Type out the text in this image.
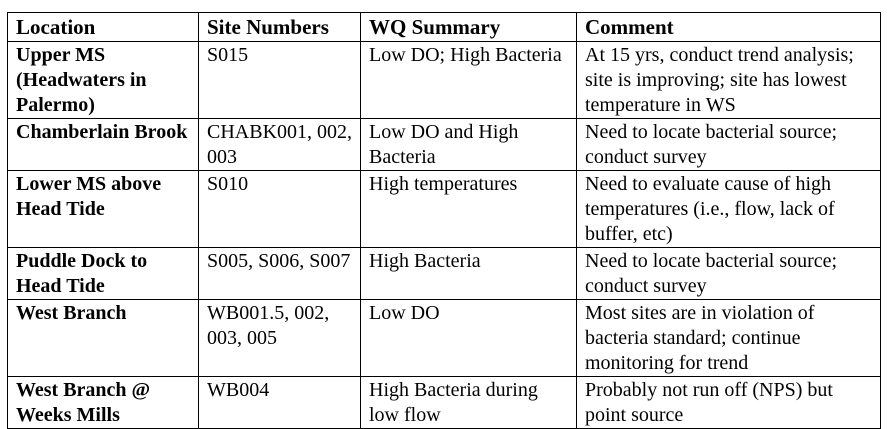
Location	Site Numbers	WQ Summary	Comment
Upper MS (Headwaters in Palermo)	S015	Low DO; High Bacteria	At 15 yrs, conduct trend analysis; site is improving; site has lowest temperature in WS
Chamberlain Brook	CHABK001, 002, 003	Low DO and High Bacteria	Need to locate bacterial source; conduct survey
Lower MS above Head Tide	S010	High temperatures	Need to evaluate cause of high temperatures (i.e., flow, lack of buffer, etc)
Puddle Dock to Head Tide	S005, S006, S007	High Bacteria	Need to locate bacterial source; conduct survey
West Branch	WB001.5, 002, 003, 005	Low DO	Most sites are in violation of bacteria standard; continue monitoring for trend
West Branch @ Weeks Mills	WB004	High Bacteria during low flow	Probably not run off (NPS) but point source
